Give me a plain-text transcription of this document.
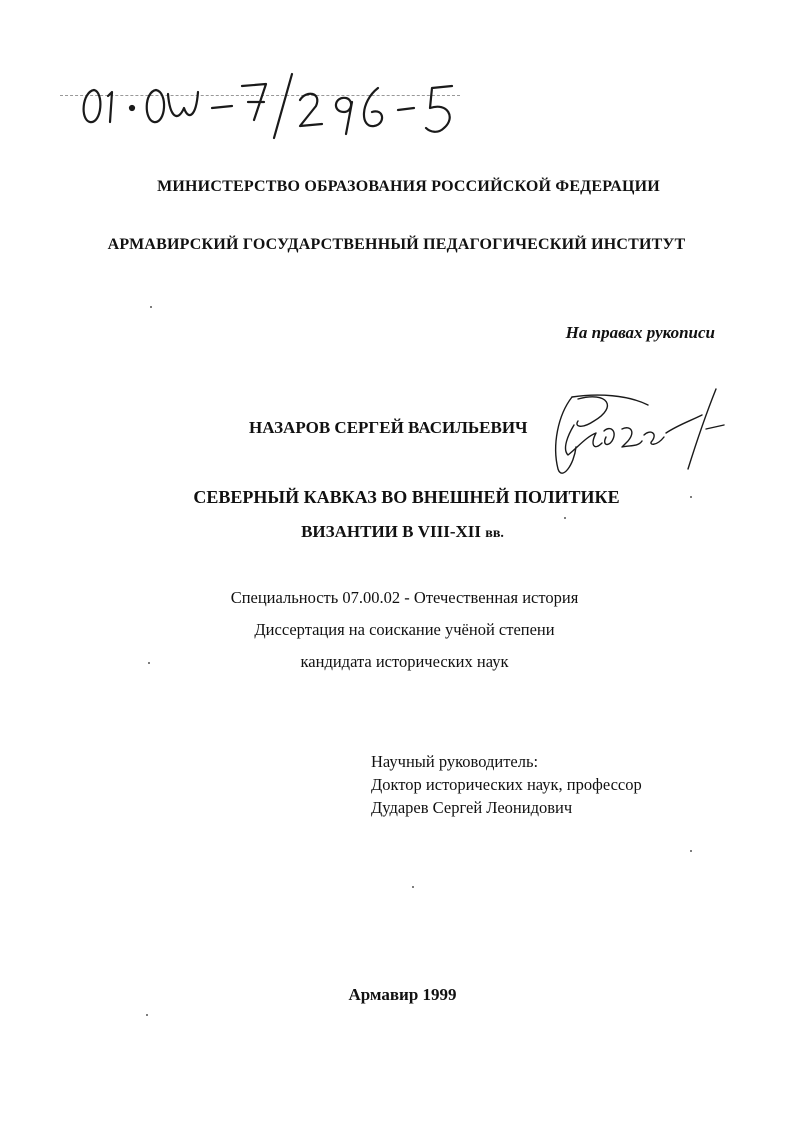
МИНИСТЕРСТВО ОБРАЗОВАНИЯ РОССИЙСКОЙ ФЕДЕРАЦИИ
АРМАВИРСКИЙ ГОСУДАРСТВЕННЫЙ ПЕДАГОГИЧЕСКИЙ ИНСТИТУТ
На правах рукописи
НАЗАРОВ СЕРГЕЙ ВАСИЛЬЕВИЧ
СЕВЕРНЫЙ КАВКАЗ ВО ВНЕШНЕЙ ПОЛИТИКЕ
ВИЗАНТИИ В VIII-XII вв.
Специальность 07.00.02 - Отечественная история
Диссертация на соискание учёной степени
кандидата исторических наук
Научный руководитель:
Доктор исторических наук, профессор
Дударев Сергей Леонидович
Армавир 1999
